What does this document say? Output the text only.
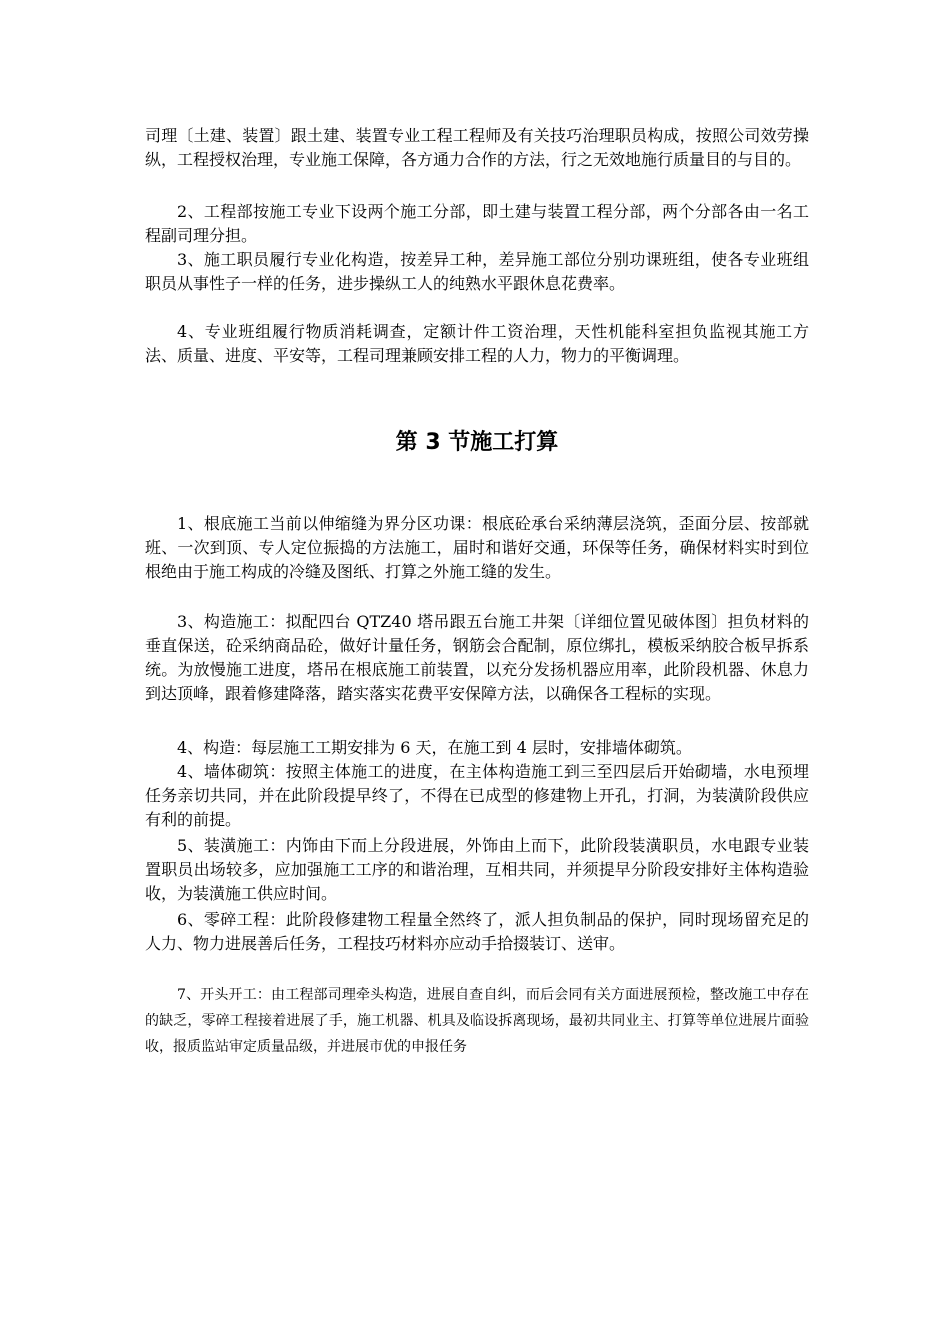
司理〔土建、装置〕跟土建、装置专业工程工程师及有关技巧治理职员构成，按照公司效劳操纵，工程授权治理，专业施工保障，各方通力合作的方法，行之无效地施行质量目的与目的。

2、工程部按施工专业下设两个施工分部，即土建与装置工程分部，两个分部各由一名工程副司理分担。

3、施工职员履行专业化构造，按差异工种，差异施工部位分别功课班组，使各专业班组职员从事性子一样的任务，进步操纵工人的纯熟水平跟休息花费率。

4、专业班组履行物质消耗调查，定额计件工资治理，天性机能科室担负监视其施工方法、质量、进度、平安等，工程司理兼顾安排工程的人力，物力的平衡调理。

第 3 节施工打算

1、根底施工当前以伸缩缝为界分区功课：根底砼承台采纳薄层浇筑，歪面分层、按部就班、一次到顶、专人定位振捣的方法施工，届时和谐好交通，环保等任务，确保材料实时到位根绝由于施工构成的冷缝及图纸、打算之外施工缝的发生。

3、构造施工：拟配四台 QTZ40 塔吊跟五台施工井架〔详细位置见破体图〕担负材料的垂直保送，砼采纳商品砼，做好计量任务，钢筋会合配制，原位绑扎，模板采纳胶合板早拆系统。为放慢施工进度，塔吊在根底施工前装置，以充分发扬机器应用率，此阶段机器、休息力到达顶峰，跟着修建降落，踏实落实花费平安保障方法，以确保各工程标的实现。

4、构造：每层施工工期安排为 6 天，在施工到 4 层时，安排墙体砌筑。

4、墙体砌筑：按照主体施工的进度，在主体构造施工到三至四层后开始砌墙，水电预埋任务亲切共同，并在此阶段提早终了，不得在已成型的修建物上开孔，打洞，为装潢阶段供应有利的前提。

5、装潢施工：内饰由下而上分段进展，外饰由上而下，此阶段装潢职员，水电跟专业装置职员出场较多，应加强施工工序的和谐治理，互相共同，并须提早分阶段安排好主体构造验收，为装潢施工供应时间。

6、零碎工程：此阶段修建物工程量全然终了，派人担负制品的保护，同时现场留充足的人力、物力进展善后任务，工程技巧材料亦应动手拾掇装订、送审。

7、开头开工：由工程部司理牵头构造，进展自查自纠，而后会同有关方面进展预检，整改施工中存在的缺乏，零碎工程接着进展了手，施工机器、机具及临设拆离现场，最初共同业主、打算等单位进展片面验收，报质监站审定质量品级，并进展市优的申报任务
